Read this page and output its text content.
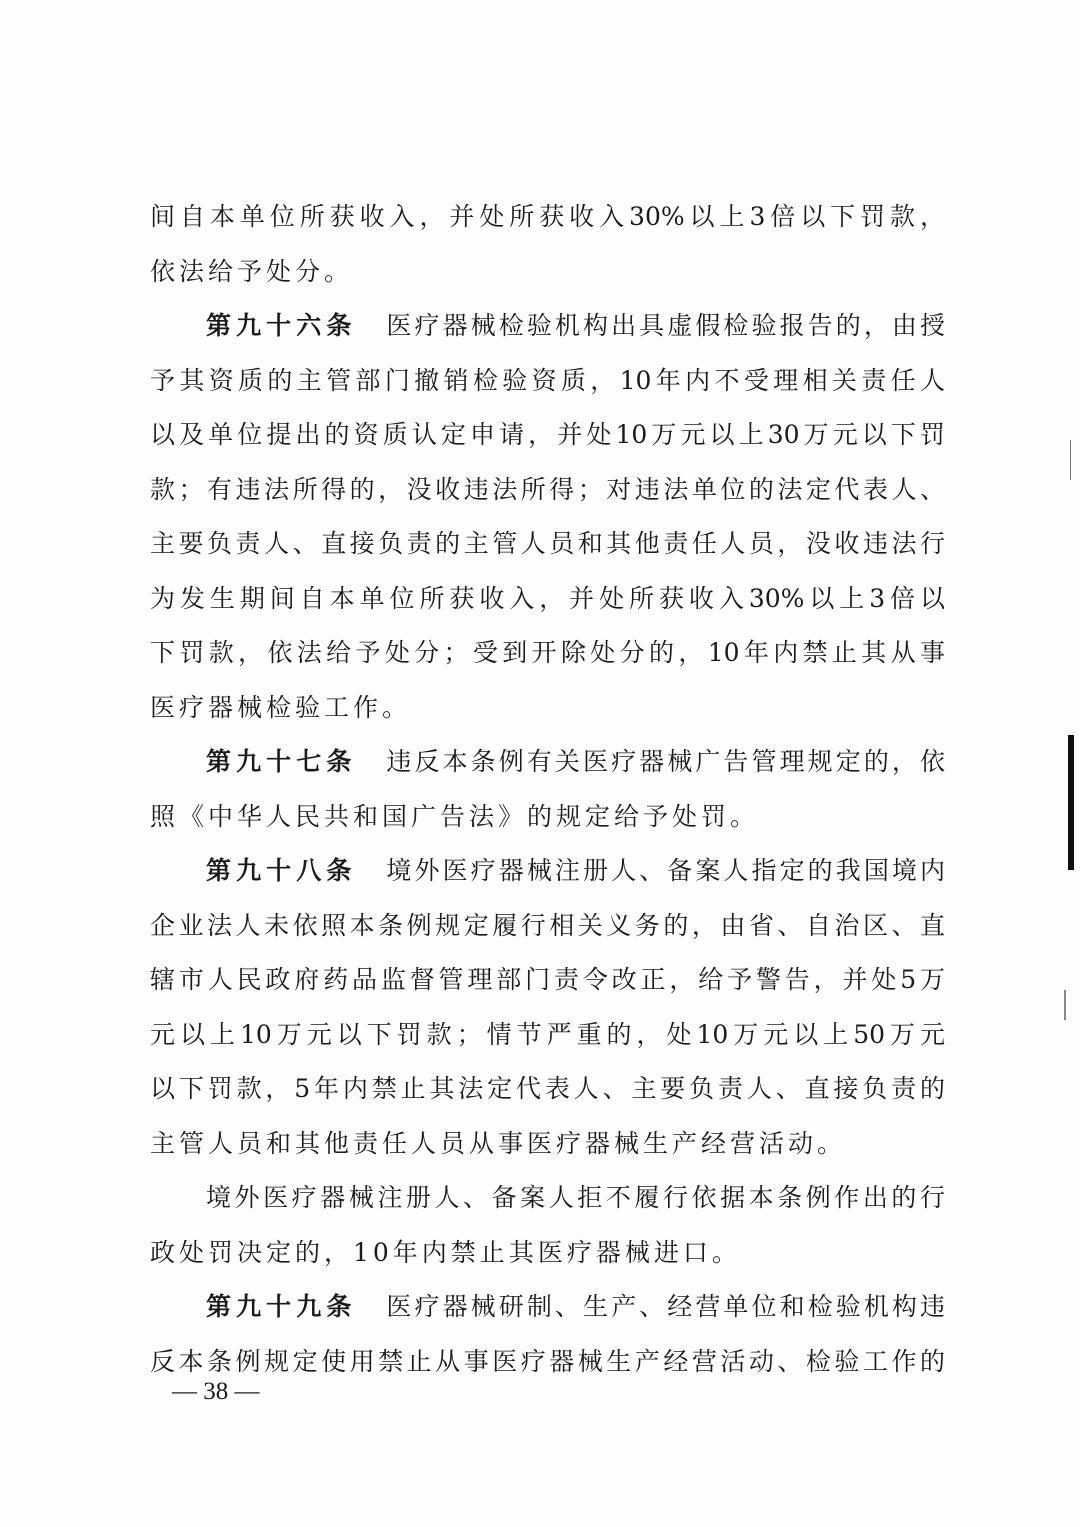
间自本单位所获收入，并处所获收入30%以上3倍以下罚款，
依法给予处分。
第九十六条 医疗器械检验机构出具虚假检验报告的，由授
予其资质的主管部门撤销检验资质，10年内不受理相关责任人
以及单位提出的资质认定申请，并处10万元以上30万元以下罚
款；有违法所得的，没收违法所得；对违法单位的法定代表人、
主要负责人、直接负责的主管人员和其他责任人员，没收违法行
为发生期间自本单位所获收入，并处所获收入30%以上3倍以
下罚款，依法给予处分；受到开除处分的，10年内禁止其从事
医疗器械检验工作。
第九十七条 违反本条例有关医疗器械广告管理规定的，依
照《中华人民共和国广告法》的规定给予处罚。
第九十八条 境外医疗器械注册人、备案人指定的我国境内
企业法人未依照本条例规定履行相关义务的，由省、自治区、直
辖市人民政府药品监督管理部门责令改正，给予警告，并处5万
元以上10万元以下罚款；情节严重的，处10万元以上50万元
以下罚款，5年内禁止其法定代表人、主要负责人、直接负责的
主管人员和其他责任人员从事医疗器械生产经营活动。
境外医疗器械注册人、备案人拒不履行依据本条例作出的行
政处罚决定的，10年内禁止其医疗器械进口。
第九十九条 医疗器械研制、生产、经营单位和检验机构违
反本条例规定使用禁止从事医疗器械生产经营活动、检验工作的
— 38 —
